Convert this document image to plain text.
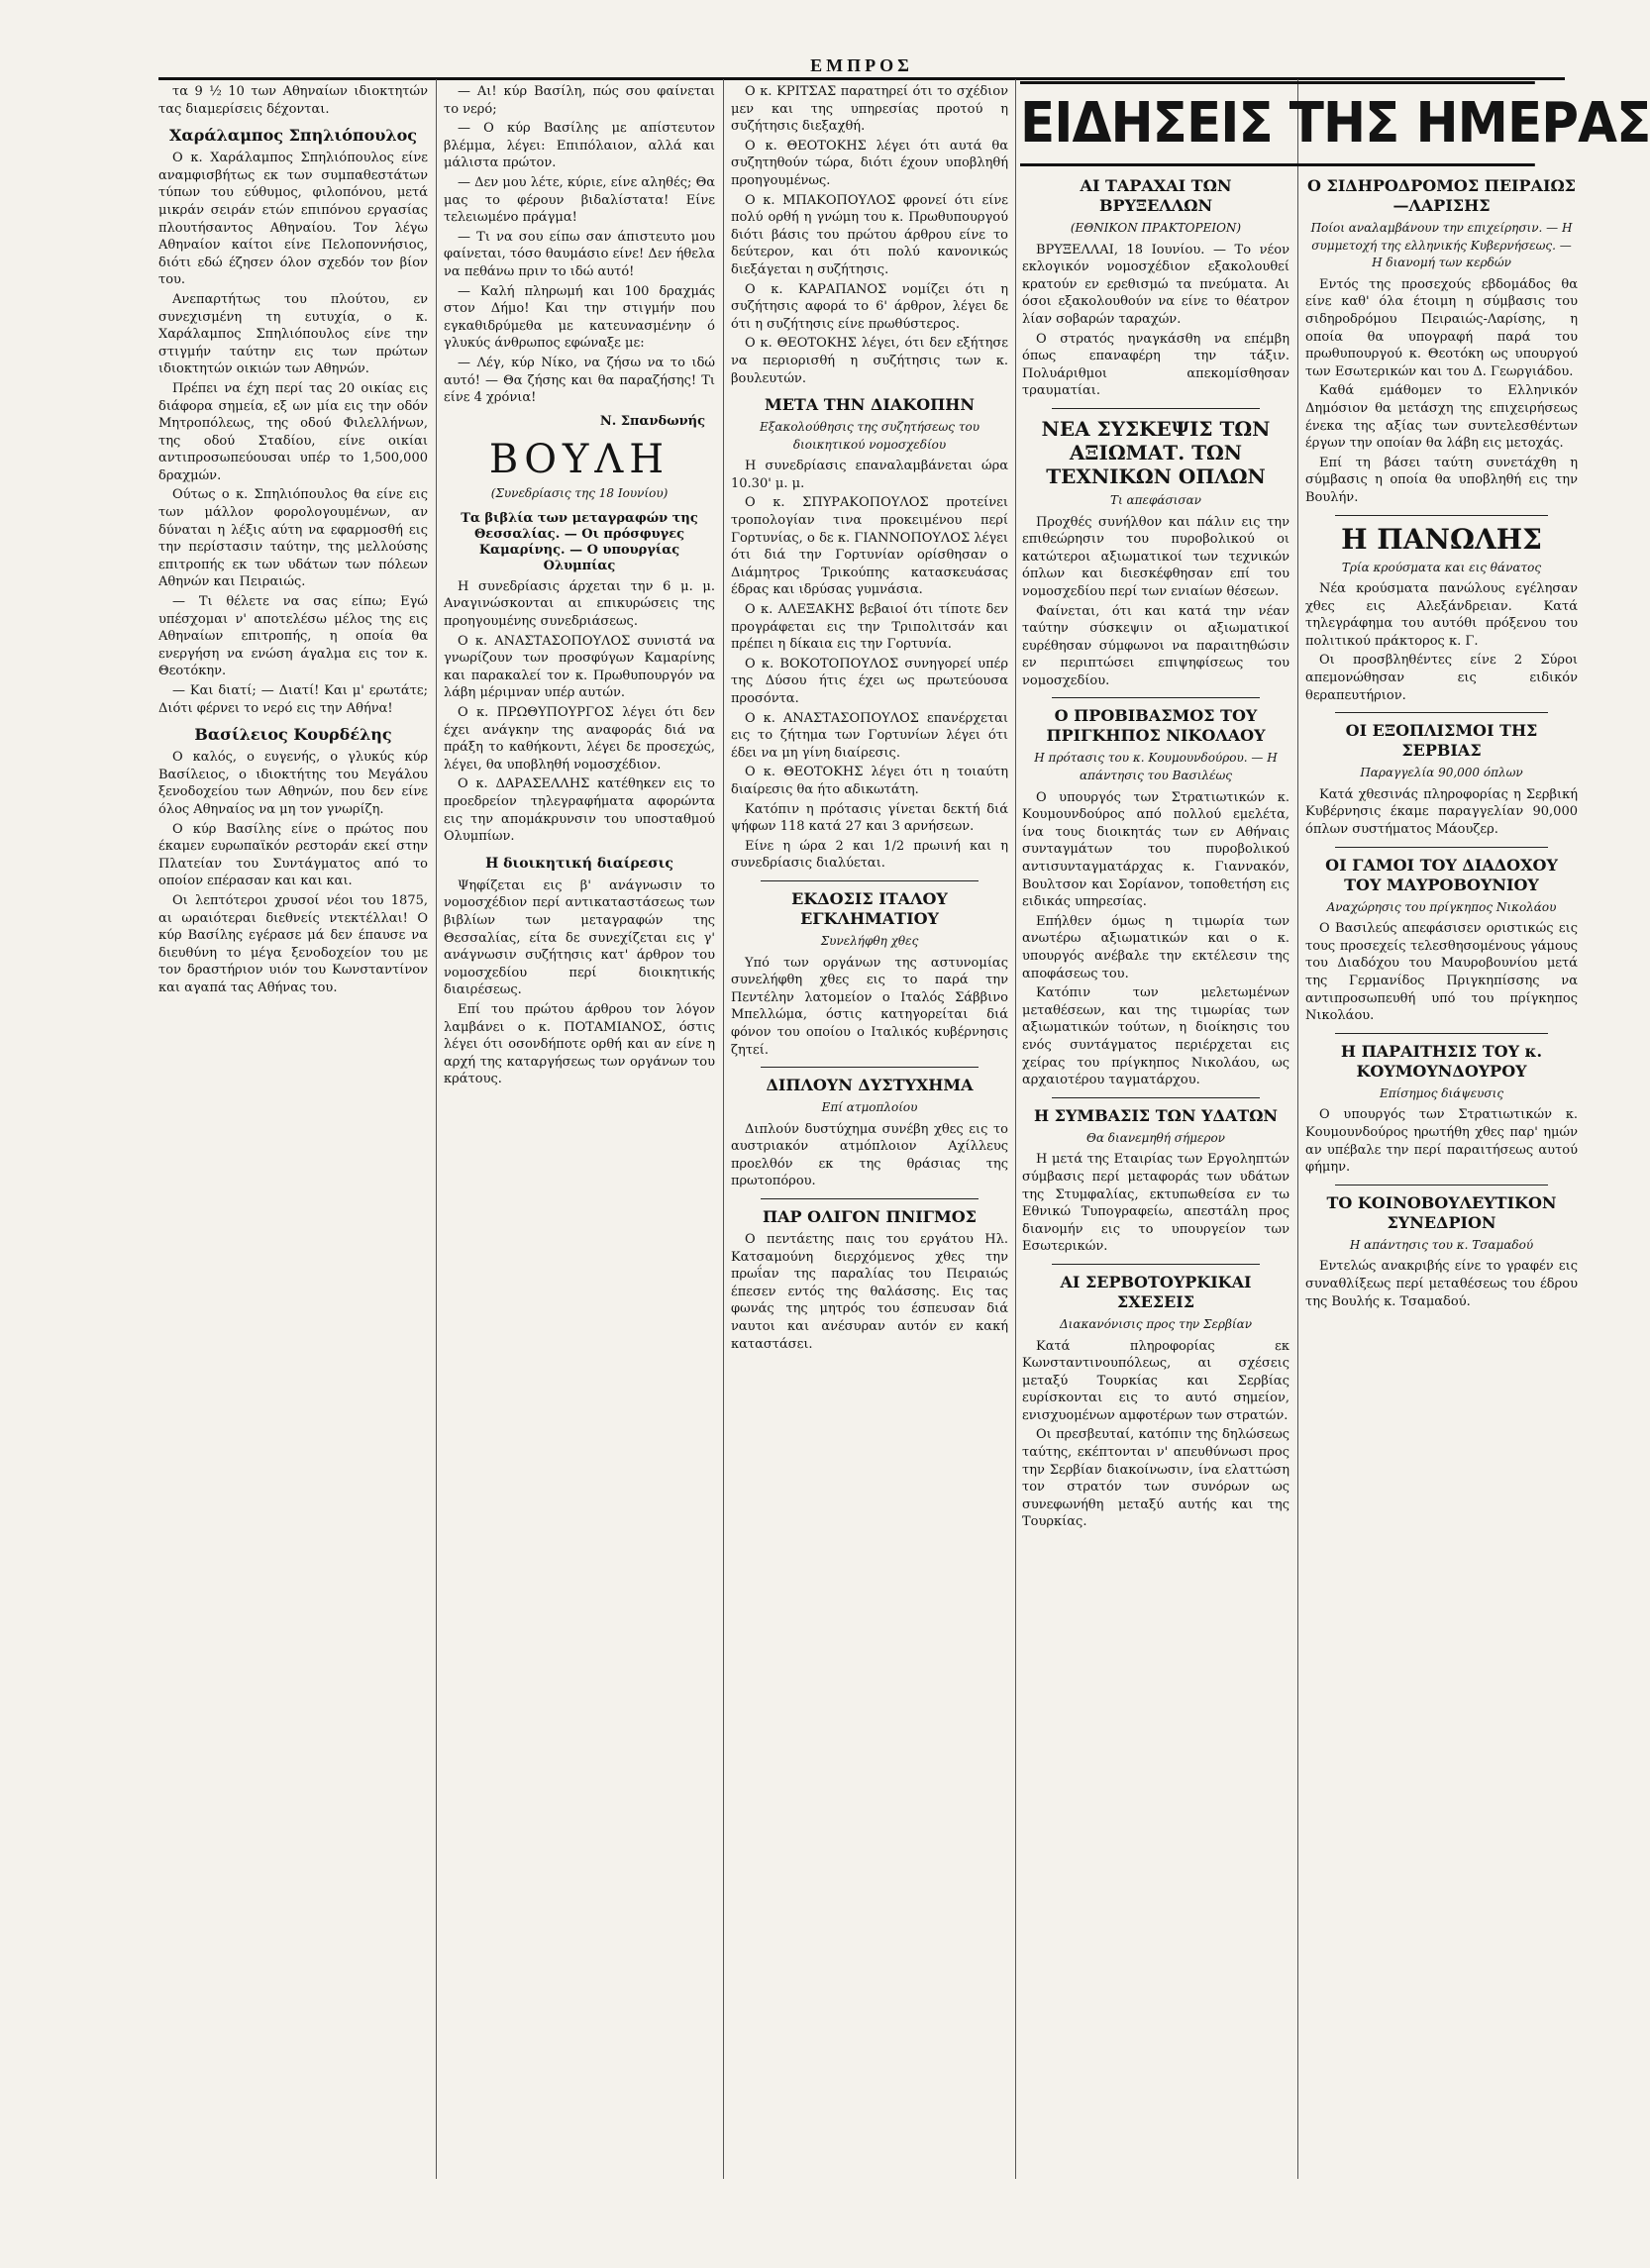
ΕΜΠΡΟΣ

τα 9 ½ 10 των Αθηναίων ιδιοκτητών τας διαμερίσεις δέχονται.

Χαράλαμπος Σπηλιόπουλος

Ο κ. Χαράλαμπος Σπηλιόπουλος είνε αναμφισβήτως εκ των συμπαθεστάτων τύπων του εύθυμος, φιλοπόνου, μετά μικράν σειράν ετών επιπόνου εργασίας πλουτήσαντος Αθηναίου. Τον λέγω Αθηναίον καίτοι είνε Πελοποννήσιος, διότι εδώ έζησεν όλον σχεδόν τον βίον του.

Ανεπαρτήτως του πλούτου, εν συνεχισμένη τη ευτυχία, ο κ. Χαράλαμπος Σπηλιόπουλος είνε την στιγμήν ταύτην εις των πρώτων ιδιοκτητών οικιών των Αθηνών.

Πρέπει να έχη περί τας 20 οικίας εις διάφορα σημεία, εξ ων μία εις την οδόν Μητροπόλεως, της οδού Φιλελλήνων, της οδού Σταδίου, είνε οικίαι αντιπροσωπεύουσαι υπέρ το 1,500,000 δραχμών.

Ούτως ο κ. Σπηλιόπουλος θα είνε εις των μάλλον φορολογουμένων, αν δύναται η λέξις αύτη να εφαρμοσθή εις την περίστασιν ταύτην, της μελλούσης επιτροπής εκ των υδάτων των πόλεων Αθηνών και Πειραιώς.

— Τι θέλετε να σας είπω; Εγώ υπέσχομαι ν' αποτελέσω μέλος της εις Αθηναίων επιτροπής, η οποία θα ενεργήση να ενώση άγαλμα εις τον κ. Θεοτόκην.

— Και διατί; — Διατί! Και μ' ερωτάτε; Διότι φέρνει το νερό εις την Αθήνα!

Βασίλειος Κουρδέλης

Ο καλός, ο ευγενής, ο γλυκύς κύρ Βασίλειος, ο ιδιοκτήτης του Μεγάλου ξενοδοχείου των Αθηνών, που δεν είνε όλος Αθηναίος να μη τον γνωρίζη.

Ο κύρ Βασίλης είνε ο πρώτος που έκαμεν ευρωπαϊκόν ρεστοράν εκεί στην Πλατείαν του Συντάγματος από το οποίον επέρασαν και και και.

Οι λεπτότεροι χρυσοί νέοι του 1875, αι ωραιότεραι διεθνείς ντεκτέλλαι! Ο κύρ Βασίλης εγέρασε μά δεν έπαυσε να διευθύνη το μέγα ξενοδοχείον του με τον δραστήριον υιόν του Κωνσταντίνον και αγαπά τας Αθήνας του.

— Αι! κύρ Βασίλη, πώς σου φαίνεται το νερό;

— Ο κύρ Βασίλης με απίστευτον βλέμμα, λέγει: Επιπόλαιον, αλλά και μάλιστα πρώτον.

— Δεν μου λέτε, κύριε, είνε αληθές; Θα μας το φέρουν βιδαλίστατα! Είνε τελειωμένο πράγμα!

— Τι να σου είπω σαν άπιστευτο μου φαίνεται, τόσο θαυμάσιο είνε! Δεν ήθελα να πεθάνω πριν το ιδώ αυτό!

— Καλή πληρωμή και 100 δραχμάς στον Δήμο! Και την στιγμήν που εγκαθιδρύμεθα με κατευνασμένην ό γλυκύς άνθρωπος εφώναξε με:

— Λέγ, κύρ Νίκο, να ζήσω να το ιδώ αυτό! — Θα ζήσης και θα παραζήσης! Τι είνε 4 χρόνια!

Ν. Σπανδωνής
ΒΟΥΛΗ
(Συνεδρίασις της 18 Ιουνίου)
Τα βιβλία των μεταγραφών της Θεσσαλίας. — Οι πρόσφυγες Καμαρίνης. — Ο υπουργίας Ολυμπίας

Η συνεδρίασις άρχεται την 6 μ. μ. Αναγινώσκονται αι επικυρώσεις της προηγουμένης συνεδριάσεως.

Ο κ. ΑΝΑΣΤΑΣΟΠΟΥΛΟΣ συνιστά να γνωρίζουν των προσφύγων Καμαρίνης και παρακαλεί τον κ. Πρωθυπουργόν να λάβη μέριμναν υπέρ αυτών.

Ο κ. ΠΡΩΘΥΠΟΥΡΓΟΣ λέγει ότι δεν έχει ανάγκην της αναφοράς διά να πράξη το καθήκοντι, λέγει δε προσεχώς, λέγει, θα υποβληθή νομοσχέδιον.

Ο κ. ΔΑΡΑΣΕΛΛΗΣ κατέθηκεν εις το προεδρείον τηλεγραφήματα αφορώντα εις την απομάκρυνσιν του υποσταθμού Ολυμπίων.

Η διοικητική διαίρεσις

Ψηφίζεται εις β' ανάγνωσιν το νομοσχέδιον περί αντικαταστάσεως των βιβλίων των μεταγραφών της Θεσσαλίας, είτα δε συνεχίζεται εις γ' ανάγνωσιν συζήτησις κατ' άρθρον του νομοσχεδίου περί διοικητικής διαιρέσεως.

Επί του πρώτου άρθρου τον λόγον λαμβάνει ο κ. ΠΟΤΑΜΙΑΝΟΣ, όστις λέγει ότι οσονδήποτε ορθή και αν είνε η αρχή της καταργήσεως των οργάνων του κράτους.

Ο κ. ΚΡΙΤΣΑΣ παρατηρεί ότι το σχέδιον μεν και της υπηρεσίας προτού η συζήτησις διεξαχθή.

Ο κ. ΘΕΟΤΟΚΗΣ λέγει ότι αυτά θα συζητηθούν τώρα, διότι έχουν υποβληθή προηγουμένως.

Ο κ. ΜΠΑΚΟΠΟΥΛΟΣ φρονεί ότι είνε πολύ ορθή η γνώμη του κ. Πρωθυπουργού διότι βάσις του πρώτου άρθρου είνε το δεύτερον, και ότι πολύ κανονικώς διεξάγεται η συζήτησις.

Ο κ. ΚΑΡΑΠΑΝΟΣ νομίζει ότι η συζήτησις αφορά το 6' άρθρον, λέγει δε ότι η συζήτησις είνε πρωθύστερος.

Ο κ. ΘΕΟΤΟΚΗΣ λέγει, ότι δεν εξήτησε να περιορισθή η συζήτησις των κ. βουλευτών.

ΜΕΤΑ ΤΗΝ ΔΙΑΚΟΠΗΝ
Εξακολούθησις της συζητήσεως του διοικητικού νομοσχεδίου

Η συνεδρίασις επαναλαμβάνεται ώρα 10.30' μ. μ.

Ο κ. ΣΠΥΡΑΚΟΠΟΥΛΟΣ προτείνει τροπολογίαν τινα προκειμένου περί Γορτυνίας, ο δε κ. ΓΙΑΝΝΟΠΟΥΛΟΣ λέγει ότι διά την Γορτυνίαν ορίσθησαν ο Διάμητρος Τρικούπης κατασκευάσας έδρας και ιδρύσας γυμνάσια.

Ο κ. ΑΛΕΞΑΚΗΣ βεβαιοί ότι τίποτε δεν προγράφεται εις την Τριπολιτσάν και πρέπει η δίκαια εις την Γορτυνία.

Ο κ. ΒΟΚΟΤΟΠΟΥΛΟΣ συνηγορεί υπέρ της Δύσου ήτις έχει ως πρωτεύουσα προσόντα.

Ο κ. ΑΝΑΣΤΑΣΟΠΟΥΛΟΣ επανέρχεται εις το ζήτημα των Γορτυνίων λέγει ότι έδει να μη γίνη διαίρεσις.

Ο κ. ΘΕΟΤΟΚΗΣ λέγει ότι η τοιαύτη διαίρεσις θα ήτο αδικωτάτη.

Κατόπιν η πρότασις γίνεται δεκτή διά ψήφων 118 κατά 27 και 3 αρνήσεων.

Είνε η ώρα 2 και 1/2 πρωινή και η συνεδρίασις διαλύεται.

ΕΚΔΟΣΙΣ ΙΤΑΛΟΥ ΕΓΚΛΗΜΑΤΙΟΥ
Συνελήφθη χθες

Υπό των οργάνων της αστυνομίας συνελήφθη χθες εις το παρά την Πεντέλην λατομείον ο Ιταλός Σάββινο Μπελλώμα, όστις κατηγορείται διά φόνον του οποίου ο Ιταλικός κυβέρνησις ζητεί.

ΔΙΠΛΟΥΝ ΔΥΣΤΥΧΗΜΑ
Επί ατμοπλοίου

Διπλούν δυστύχημα συνέβη χθες εις το αυστριακόν ατμόπλοιον Αχίλλευς προελθόν εκ της θράσιας της πρωτοπόρου.

ΠΑΡ ΟΛΙΓΟΝ ΠΝΙΓΜΟΣ

Ο πεντάετης παις του εργάτου Ηλ. Κατσαμούνη διερχόμενος χθες την πρωΐαν της παραλίας του Πειραιώς έπεσεν εντός της θαλάσσης. Εις τας φωνάς της μητρός του έσπευσαν διά ναυτοι και ανέσυραν αυτόν εν κακή καταστάσει.

ΕΙΔΗΣΕΙΣ ΤΗΣ ΗΜΕΡΑΣ
ΑΙ ΤΑΡΑΧΑΙ ΤΩΝ ΒΡΥΞΕΛΛΩΝ
(ΕΘΝΙΚΟΝ ΠΡΑΚΤΟΡΕΙΟΝ)

ΒΡΥΞΕΛΛΑΙ, 18 Ιουνίου. — Το νέον εκλογικόν νομοσχέδιον εξακολουθεί κρατούν εν ερεθισμώ τα πνεύματα. Αι όσοι εξακολουθούν να είνε το θέατρον λίαν σοβαρών ταραχών.

Ο στρατός ηναγκάσθη να επέμβη όπως επαναφέρη την τάξιν. Πολυάριθμοι απεκομίσθησαν τραυματίαι.

ΝΕΑ ΣΥΣΚΕΨΙΣ ΤΩΝ ΑΞΙΩΜΑΤ. ΤΩΝ ΤΕΧΝΙΚΩΝ ΟΠΛΩΝ
Τι απεφάσισαν

Προχθές συνήλθον και πάλιν εις την επιθεώρησιν του πυροβολικού οι κατώτεροι αξιωματικοί των τεχνικών όπλων και διεσκέφθησαν επί του νομοσχεδίου περί των ενιαίων θέσεων.

Φαίνεται, ότι και κατά την νέαν ταύτην σύσκεψιν οι αξιωματικοί ευρέθησαν σύμφωνοι να παραιτηθώσιν εν περιπτώσει επιψηφίσεως του νομοσχεδίου.

Ο ΠΡΟΒΙΒΑΣΜΟΣ ΤΟΥ ΠΡΙΓΚΗΠΟΣ ΝΙΚΟΛΑΟΥ
Η πρότασις του κ. Κουμουνδούρου. — Η απάντησις του Βασιλέως

Ο υπουργός των Στρατιωτικών κ. Κουμουνδούρος από πολλού εμελέτα, ίνα τους διοικητάς των εν Αθήναις συνταγμάτων του πυροβολικού αντισυνταγματάρχας κ. Γιαννακόν, Βουλτσον και Σορίανον, τοποθετήση εις ειδικάς υπηρεσίας.

Επήλθεν όμως η τιμωρία των ανωτέρω αξιωματικών και ο κ. υπουργός ανέβαλε την εκτέλεσιν της αποφάσεως του.

Κατόπιν των μελετωμένων μεταθέσεων, και της τιμωρίας των αξιωματικών τούτων, η διοίκησις του ενός συντάγματος περιέρχεται εις χείρας του πρίγκηπος Νικολάου, ως αρχαιοτέρου ταγματάρχου.

Η ΣΥΜΒΑΣΙΣ ΤΩΝ ΥΔΑΤΩΝ
Θα διανεμηθή σήμερον

Η μετά της Εταιρίας των Εργοληπτών σύμβασις περί μεταφοράς των υδάτων της Στυμφαλίας, εκτυπωθείσα εν τω Εθνικώ Τυπογραφείω, απεστάλη προς διανομήν εις το υπουργείον των Εσωτερικών.

ΑΙ ΣΕΡΒΟΤΟΥΡΚΙΚΑΙ ΣΧΕΣΕΙΣ
Διακανόνισις προς την Σερβίαν

Κατά πληροφορίας εκ Κωνσταντινουπόλεως, αι σχέσεις μεταξύ Τουρκίας και Σερβίας ευρίσκονται εις το αυτό σημείον, ενισχυομένων αμφοτέρων των στρατών.

Οι πρεσβευταί, κατόπιν της δηλώσεως ταύτης, εκέπτονται ν' απευθύνωσι προς την Σερβίαν διακοίνωσιν, ίνα ελαττώση τον στρατόν των συνόρων ως συνεφωνήθη μεταξύ αυτής και της Τουρκίας.

Ο ΣΙΔΗΡΟΔΡΟΜΟΣ ΠΕΙΡΑΙΩΣ—ΛΑΡΙΣΗΣ
Ποίοι αναλαμβάνουν την επιχείρησιν. — Η συμμετοχή της ελληνικής Κυβερνήσεως. — Η διανομή των κερδών

Εντός της προσεχούς εβδομάδος θα είνε καθ' όλα έτοιμη η σύμβασις του σιδηροδρόμου Πειραιώς-Λαρίσης, η οποία θα υπογραφή παρά του πρωθυπουργού κ. Θεοτόκη ως υπουργού των Εσωτερικών και του Δ. Γεωργιάδου.

Καθά εμάθομεν το Ελληνικόν Δημόσιον θα μετάσχη της επιχειρήσεως ένεκα της αξίας των συντελεσθέντων έργων την οποίαν θα λάβη εις μετοχάς.

Επί τη βάσει ταύτη συνετάχθη η σύμβασις η οποία θα υποβληθή εις την Βουλήν.

Η ΠΑΝΩΛΗΣ
Τρία κρούσματα και εις θάνατος

Νέα κρούσματα πανώλους εγέλησαν χθες εις Αλεξάνδρειαν. Κατά τηλεγράφημα του αυτόθι πρόξενου του πολιτικού πράκτορος κ. Γ.

Οι προσβληθέντες είνε 2 Σύροι απεμονώθησαν εις ειδικόν θεραπευτήριον.

ΟΙ ΕΞΟΠΛΙΣΜΟΙ ΤΗΣ ΣΕΡΒΙΑΣ
Παραγγελία 90,000 όπλων

Κατά χθεσινάς πληροφορίας η Σερβική Κυβέρνησις έκαμε παραγγελίαν 90,000 όπλων συστήματος Μάουζερ.

ΟΙ ΓΑΜΟΙ ΤΟΥ ΔΙΑΔΟΧΟΥ ΤΟΥ ΜΑΥΡΟΒΟΥΝΙΟΥ
Αναχώρησις του πρίγκηπος Νικολάου

Ο Βασιλεύς απεφάσισεν οριστικώς εις τους προσεχείς τελεσθησομένους γάμους του Διαδόχου του Μαυροβουνίου μετά της Γερμανίδος Πριγκηπίσσης να αντιπροσωπευθή υπό του πρίγκηπος Νικολάου.

Η ΠΑΡΑΙΤΗΣΙΣ ΤΟΥ κ. ΚΟΥΜΟΥΝΔΟΥΡΟΥ
Επίσημος διάψευσις

Ο υπουργός των Στρατιωτικών κ. Κουμουνδούρος ηρωτήθη χθες παρ' ημών αν υπέβαλε την περί παραιτήσεως αυτού φήμην.

ΤΟ ΚΟΙΝΟΒΟΥΛΕΥΤΙΚΟΝ ΣΥΝΕΔΡΙΟΝ
Η απάντησις του κ. Τσαμαδού

Εντελώς ανακριβής είνε το γραφέν εις συναθλίξεως περί μεταθέσεως του έδρου της Βουλής κ. Τσαμαδού.
